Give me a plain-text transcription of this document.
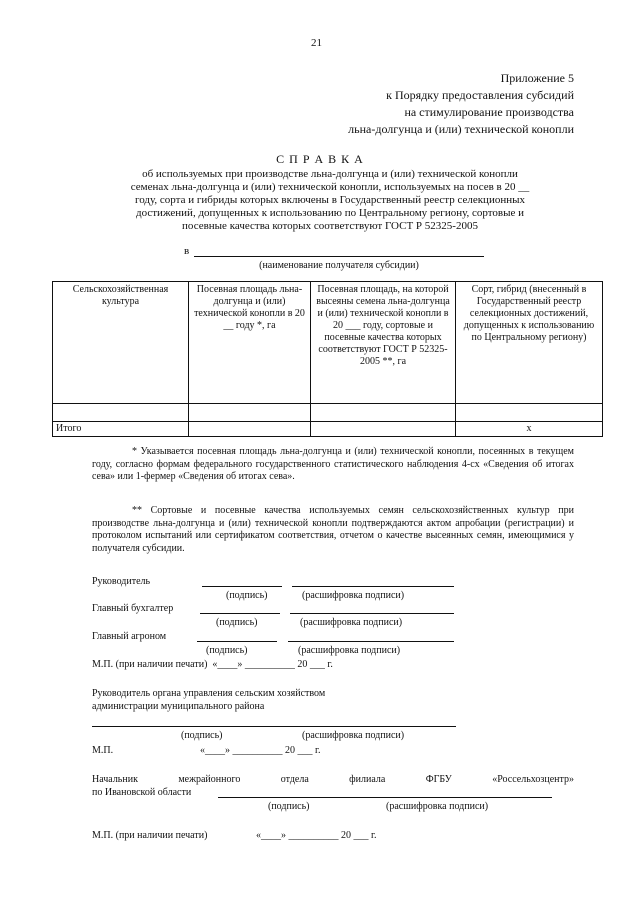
21
Приложение 5
к Порядку предоставления субсидий
на стимулирование производства
льна-долгунца и (или) технической конопли
С П Р А В К А
об используемых при производстве льна-долгунца и (или) технической конопли
семенах льна-долгунца и (или) технической конопли, используемых на посев в 20 __
году, сорта и гибриды которых включены в Государственный реестр селекционных
достижений, допущенных к использованию по Центральному региону, сортовые и
посевные качества которых соответствуют ГОСТ Р 52325-2005
в
(наименование получателя субсидии)
Сельскохозяйственная культура	Посевная площадь льна-долгунца и (или) технической конопли в 20 __ году *, га	Посевная площадь, на которой высеяны семена льна-долгунца и (или) технической конопли в 20 ___ году, сортовые и посевные качества которых соответствуют ГОСТ Р 52325-2005 **, га	Сорт, гибрид (внесенный в Государственный реестр селекционных достижений, допущенных к использованию по Центральному региону)

Итого			x
* Указывается посевная площадь льна-долгунца и (или) технической конопли, посеянных в текущем году, согласно формам федерального государственного статистического наблюдения 4-сх «Сведения об итогах сева» или 1-фермер «Сведения об итогах сева».
** Сортовые и посевные качества используемых семян сельскохозяйственных культур при производстве льна-долгунца и (или) технической конопли подтверждаются актом апробации (регистрации) и протоколом испытаний или сертификатом соответствия, отчетом о качестве высеянных семян, имеющимися у получателя субсидии.
Руководитель
(подпись)	(расшифровка подписи)
Главный бухгалтер
(подпись)	(расшифровка подписи)
Главный агроном
(подпись)	(расшифровка подписи)
М.П. (при наличии печати)  «____» __________ 20 ___ г.
Руководитель органа управления сельским хозяйством
администрации муниципального района
(подпись)	(расшифровка подписи)
М.П.	«____» __________ 20 ___ г.
Начальник межрайонного отдела филиала ФГБУ «Россельхозцентр»
по Ивановской области
(подпись)	(расшифровка подписи)
М.П. (при наличии печати)	«____» __________ 20 ___ г.
